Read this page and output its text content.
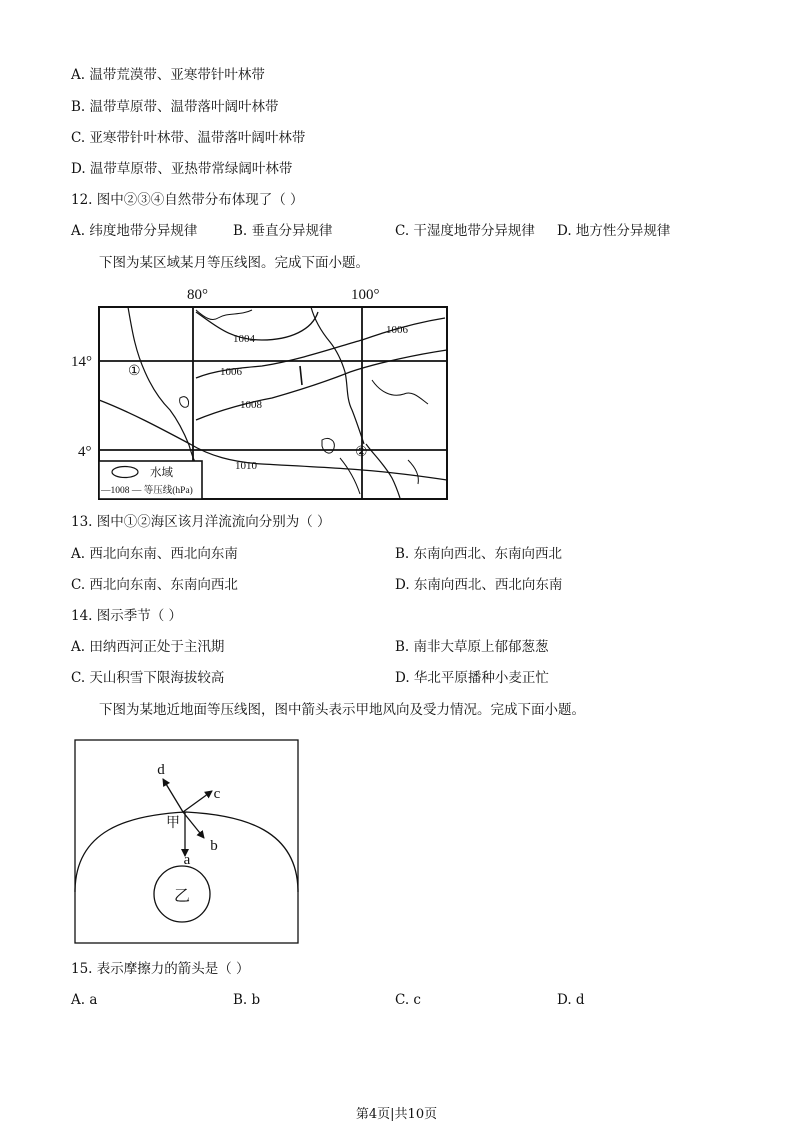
A. 温带荒漠带、亚寒带针叶林带
B. 温带草原带、温带落叶阔叶林带
C. 亚寒带针叶林带、温带落叶阔叶林带
D. 温带草原带、亚热带常绿阔叶林带
12. 图中②③④自然带分布体现了（ ）
A. 纬度地带分异规律	B. 垂直分异规律	C. 干湿度地带分异规律 D. 地方性分异规律
下图为某区域某月等压线图。完成下面小题。
1004
1006
1006
1008
1010
①
②
80°	100°
14°
4°
水域
—1008 — 等压线(hPa)
13. 图中①②海区该月洋流流向分别为（ ）
A. 西北向东南、西北向东南	B. 东南向西北、东南向西北
C. 西北向东南、东南向西北	D. 东南向西北、西北向东南
14. 图示季节（ ）
A. 田纳西河正处于主汛期	B. 南非大草原上郁郁葱葱
C. 天山积雪下限海拔较高	D. 华北平原播种小麦正忙
下图为某地近地面等压线图，图中箭头表示甲地风向及受力情况。完成下面小题。
乙
d
c
b
a
甲
15. 表示摩擦力的箭头是（ ）
A. a	B. b	C. c	D. d
第4页|共10页
